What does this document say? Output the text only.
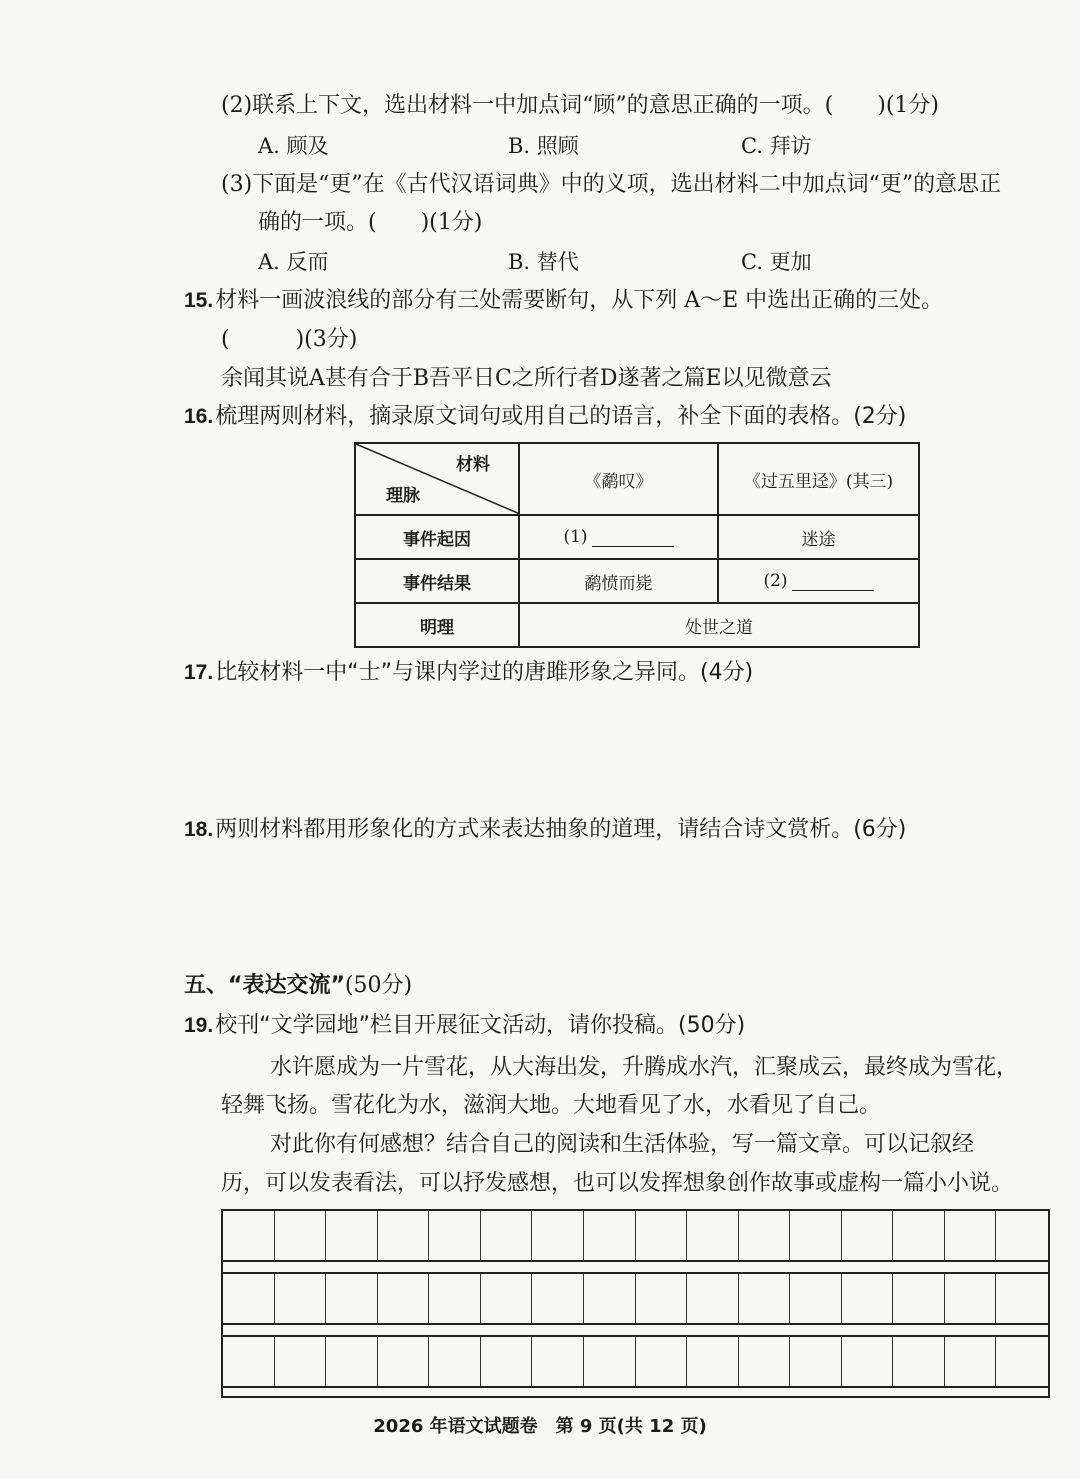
(2)联系上下文，选出材料一中加点词“顾”的意思正确的一项。(　　)(1分)
A. 顾及	B. 照顾	C. 拜访
(3)下面是“更”在《古代汉语词典》中的义项，选出材料二中加点词“更”的意思正
确的一项。(　　)(1分)
A. 反而	B. 替代	C. 更加
15.材料一画波浪线的部分有三处需要断句，从下列 A～E 中选出正确的三处。
(　　　)(3分)
余闻其说A甚有合于B吾平日C之所行者D遂著之篇E以见微意云
16.梳理两则材料，摘录原文词句或用自己的语言，补全下面的表格。(2分)
材料
理脉	《鹬叹》	《过五里迳》(其三)
事件起因	(1)	迷途
事件结果	鹬愤而毙	(2)
明理	处世之道	
17.比较材料一中“士”与课内学过的唐雎形象之异同。(4分)
18.两则材料都用形象化的方式来表达抽象的道理，请结合诗文赏析。(6分)
五、“表达交流”(50分)
19.校刊“文学园地”栏目开展征文活动，请你投稿。(50分)
水许愿成为一片雪花，从大海出发，升腾成水汽，汇聚成云，最终成为雪花，
轻舞飞扬。雪花化为水，滋润大地。大地看见了水，水看见了自己。
对此你有何感想？结合自己的阅读和生活体验，写一篇文章。可以记叙经
历，可以发表看法，可以抒发感想，也可以发挥想象创作故事或虚构一篇小小说。
2026 年语文试题卷　第 9 页(共 12 页)
